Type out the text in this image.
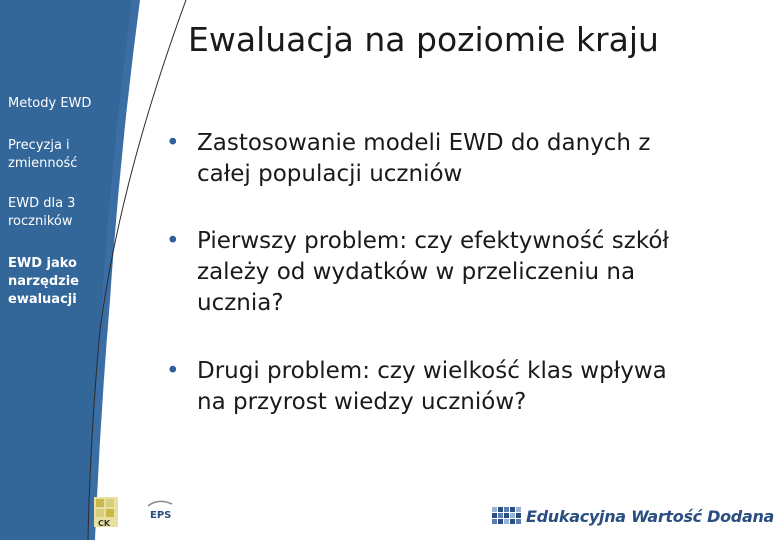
Ewaluacja na poziomie kraju
Metody EWD
Precyzja i zmienność
EWD dla 3 roczników
EWD jako narzędzie ewaluacji
• Zastosowanie modeli EWD do danych z całej populacji uczniów
• Pierwszy problem: czy efektywność szkół zależy od wydatków w przeliczeniu na ucznia?
• Drugi problem: czy wielkość klas wpływa na przyrost wiedzy uczniów?
CK
EPS	Edukacyjna Wartość Dodana
